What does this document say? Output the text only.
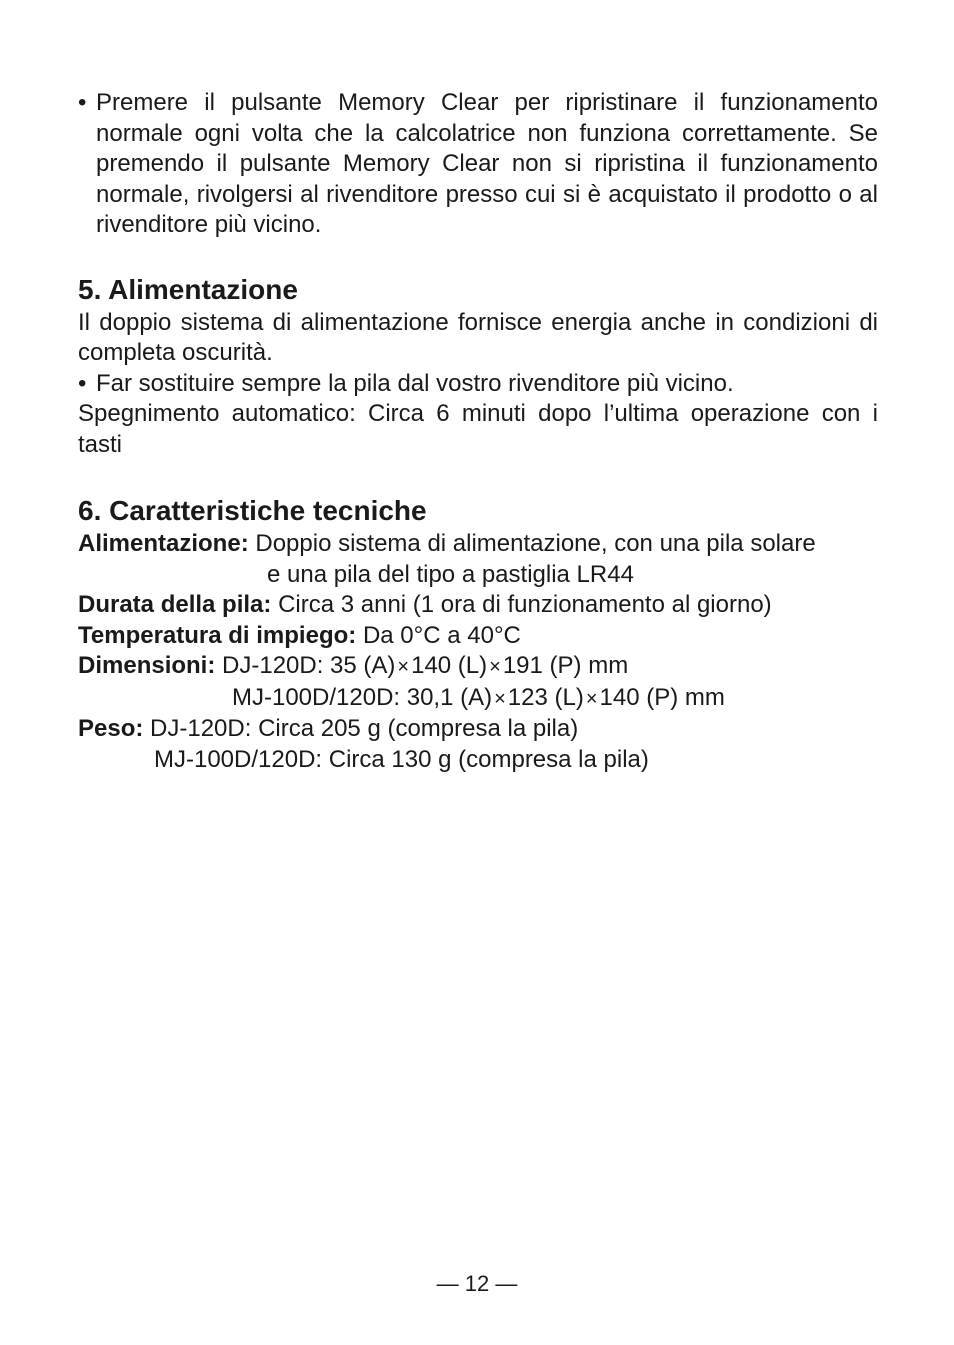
• Premere il pulsante Memory Clear per ripristinare il funzionamento normale ogni volta che la calcolatrice non funziona correttamente. Se premendo il pulsante Memory Clear non si ripristina il funzionamento normale, rivolgersi al rivenditore presso cui si è acquistato il prodotto o al rivenditore più vicino.
5. Alimentazione

Il doppio sistema di alimentazione fornisce energia anche in condizioni di completa oscurità.

• Far sostituire sempre la pila dal vostro rivenditore più vicino.

Spegnimento automatico: Circa 6 minuti dopo l’ultima operazione con i tasti

6. Caratteristiche tecniche

Alimentazione: Doppio sistema di alimentazione, con una pila solare

e una pila del tipo a pastiglia LR44

Durata della pila: Circa 3 anni (1 ora di funzionamento al giorno)

Temperatura di impiego: Da 0°C a 40°C

Dimensioni: DJ-120D: 35 (A) ×140 (L) ×191 (P) mm

MJ-100D/120D: 30,1 (A) ×123 (L) ×140 (P) mm

Peso: DJ-120D: Circa 205 g (compresa la pila)

MJ-100D/120D: Circa 130 g (compresa la pila)

— 12 —
